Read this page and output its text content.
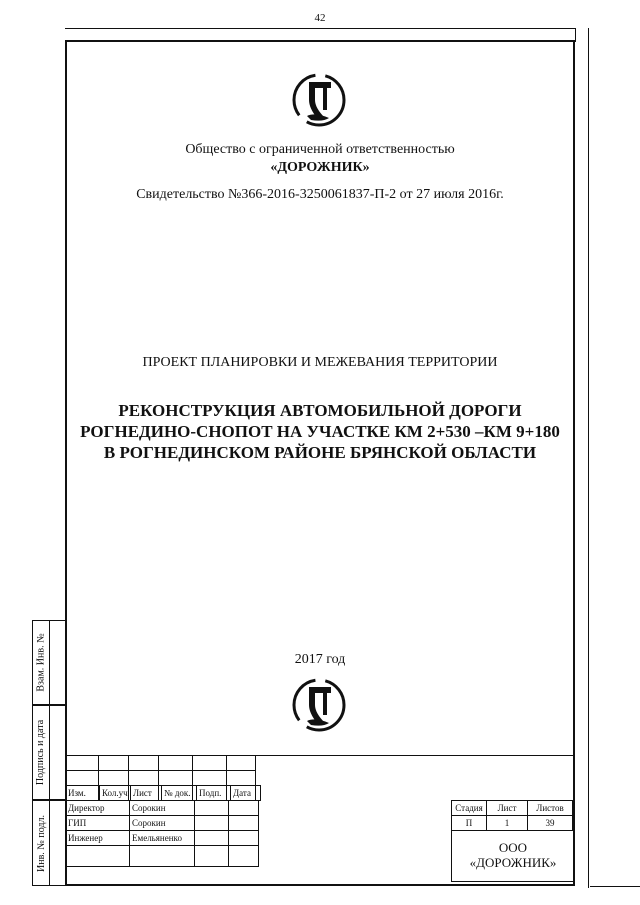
42
Общество с ограниченной ответственностью
«ДОРОЖНИК»
Свидетельство №366-2016-3250061837-П-2 от 27 июля 2016г.
ПРОЕКТ ПЛАНИРОВКИ И МЕЖЕВАНИЯ ТЕРРИТОРИИ
РЕКОНСТРУКЦИЯ АВТОМОБИЛЬНОЙ ДОРОГИ
РОГНЕДИНО-СНОПОТ НА УЧАСТКЕ КМ 2+530 –КМ 9+180
В РОГНЕДИНСКОМ РАЙОНЕ БРЯНСКОЙ ОБЛАСТИ
2017 год
Взам. Инв. №
Подпись и дата
Инв. № подл.
Изм.	Кол.уч	Лист	№ док.	Подп.	Дата
Директор	Сорокин		
ГИП	Сорокин		
Инженер	Емельяненко		

Стадия	Лист	Листов
П	1	39
ООО
«ДОРОЖНИК»
